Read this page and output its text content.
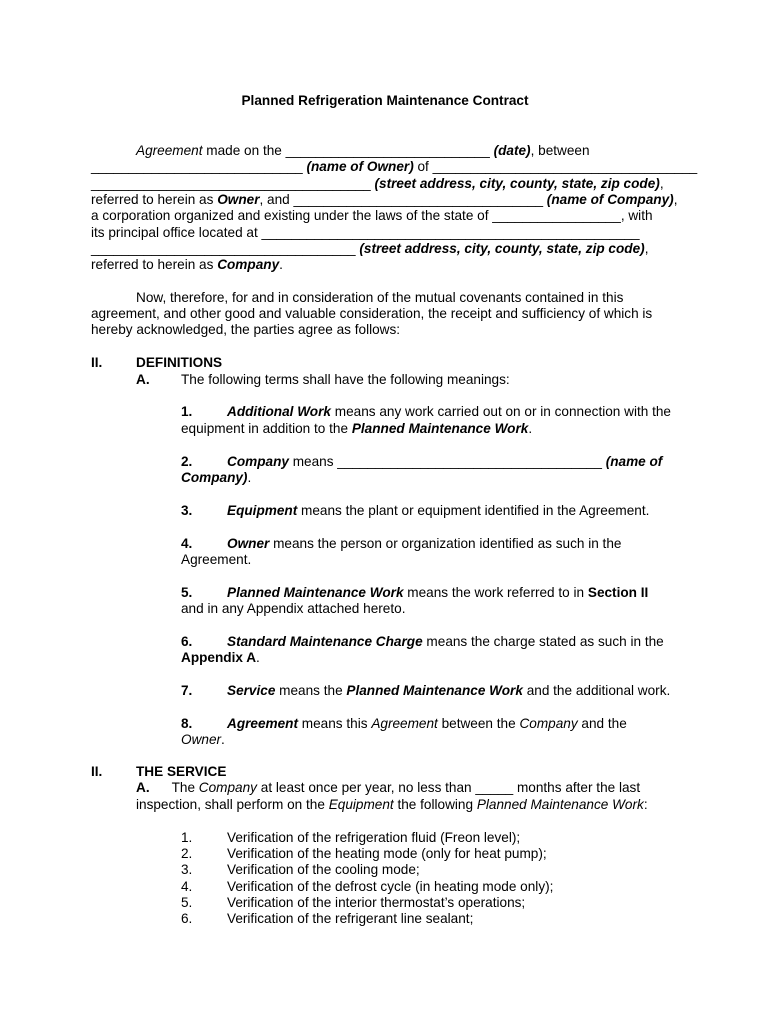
Planned Refrigeration Maintenance Contract
Agreement made on the ___________________________ (date), between
____________________________ (name of Owner) of ___________________________________
_____________________________________ (street address, city, county, state, zip code),
referred to herein as Owner, and _________________________________ (name of Company),
a corporation organized and existing under the laws of the state of _________________, with
its principal office located at __________________________________________________
___________________________________ (street address, city, county, state, zip code),
referred to herein as Company.
Now, therefore, for and in consideration of the mutual covenants contained in this
agreement, and other good and valuable consideration, the receipt and sufficiency of which is
hereby acknowledged, the parties agree as follows:
II. DEFINITIONS
A. The following terms shall have the following meanings:
1.	Additional Work means any work carried out on or in connection with the
equipment in addition to the Planned Maintenance Work.
2.	Company means ___________________________________ (name of
Company).
3.	Equipment means the plant or equipment identified in the Agreement.
4.	Owner means the person or organization identified as such in the
Agreement.
5.	Planned Maintenance Work means the work referred to in Section II
and in any Appendix attached hereto.
6.	Standard Maintenance Charge means the charge stated as such in the
Appendix A.
7.	Service means the Planned Maintenance Work and the additional work.
8.	Agreement means this Agreement between the Company and the
Owner.
II. THE SERVICE
A. The Company at least once per year, no less than _____ months after the last
inspection, shall perform on the Equipment the following Planned Maintenance Work:
1.	Verification of the refrigeration fluid (Freon level);
2.	Verification of the heating mode (only for heat pump);
3.	Verification of the cooling mode;
4.	Verification of the defrost cycle (in heating mode only);
5.	Verification of the interior thermostat’s operations;
6.	Verification of the refrigerant line sealant;
